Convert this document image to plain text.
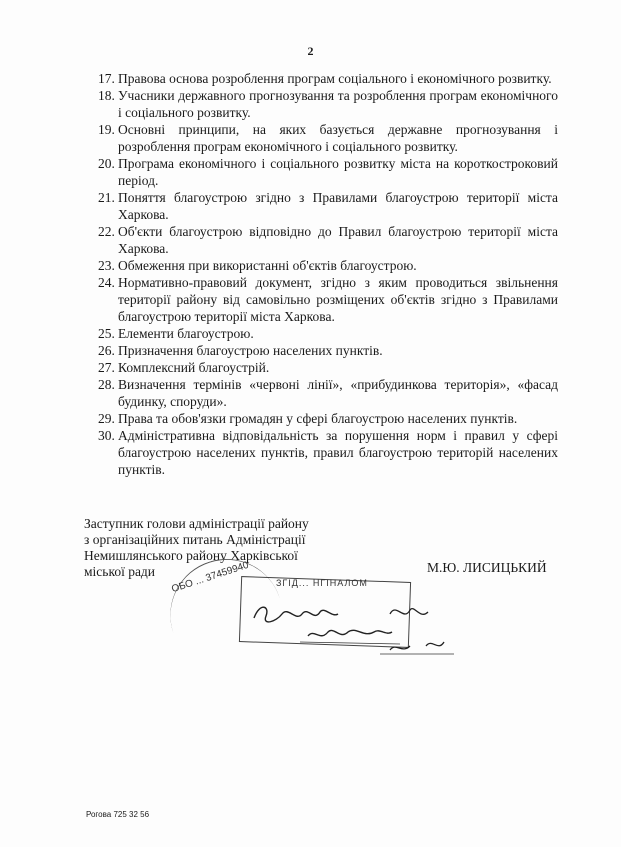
2
17. Правова основа розроблення програм соціального і економічного розвитку.
18. Учасники державного прогнозування та розроблення програм економічного і соціального розвитку.
19. Основні принципи, на яких базується державне прогнозування і розроблення програм економічного і соціального розвитку.
20. Програма економічного і соціального розвитку міста на короткостроковий період.
21. Поняття благоустрою згідно з Правилами благоустрою території міста Харкова.
22. Об'єкти благоустрою відповідно до Правил благоустрою території міста Харкова.
23. Обмеження при використанні об'єктів благоустрою.
24. Нормативно-правовий документ, згідно з яким проводиться звільнення території району від самовільно розміщених об'єктів згідно з Правилами благоустрою території міста Харкова.
25. Елементи благоустрою.
26. Призначення благоустрою населених пунктів.
27. Комплексний благоустрій.
28. Визначення термінів «червоні лінії», «прибудинкова територія», «фасад будинку, споруди».
29. Права та обов'язки громадян у сфері благоустрою населених пунктів.
30. Адміністративна відповідальність за порушення норм і правил у сфері благоустрою населених пунктів, правил благоустрою територій населених пунктів.
Заступник голови адміністрації району
з організаційних питань Адміністрації
Немишлянського району Харківської
міської ради	М.Ю. ЛИСИЦЬКИЙ
ОБО ... 37459940	ЗГІД... НГІНАЛОМ
Рогова 725 32 56
